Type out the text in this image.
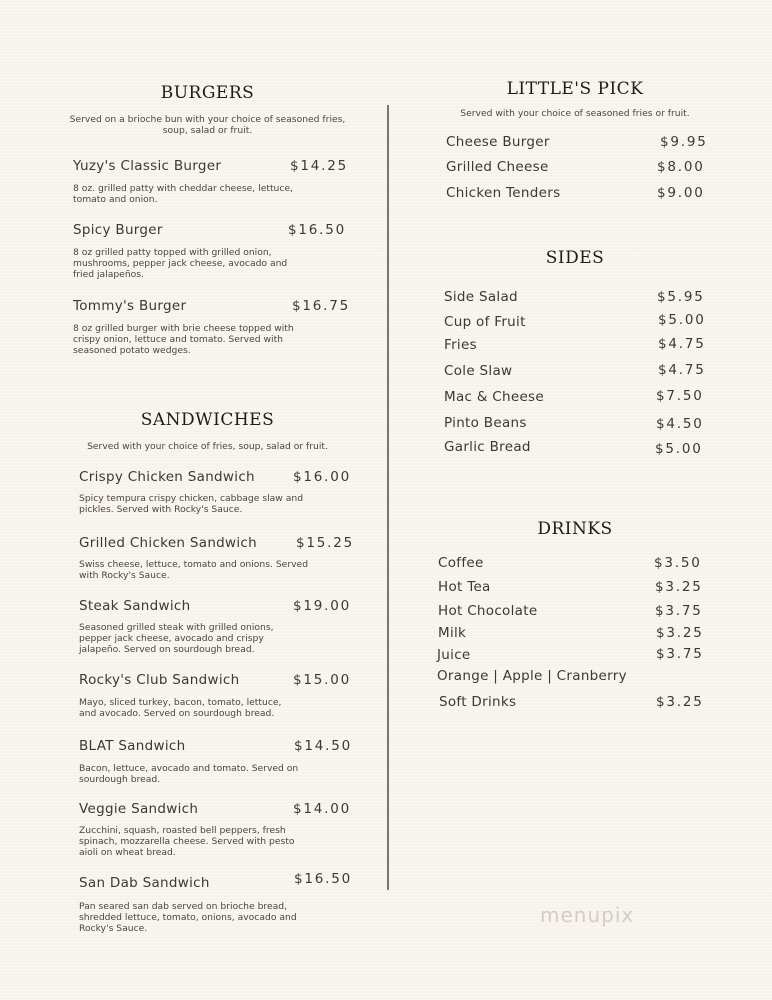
BURGERS
Served on a brioche bun with your choice of seasoned fries, soup, salad or fruit.
Yuzy's Classic Burger	$14.25
8 oz. grilled patty with cheddar cheese, lettuce, tomato and onion.
Spicy Burger	$16.50
8 oz grilled patty topped with grilled onion, mushrooms, pepper jack cheese, avocado and fried jalapeños.
Tommy's Burger	$16.75
8 oz grilled burger with brie cheese topped with crispy onion, lettuce and tomato. Served with seasoned potato wedges.
SANDWICHES
Served with your choice of fries, soup, salad or fruit.
Crispy Chicken Sandwich	$16.00
Spicy tempura crispy chicken, cabbage slaw and pickles. Served with Rocky's Sauce.
Grilled Chicken Sandwich	$15.25
Swiss cheese, lettuce, tomato and onions. Served with Rocky's Sauce.
Steak Sandwich	$19.00
Seasoned grilled steak with grilled onions, pepper jack cheese, avocado and crispy jalapeño. Served on sourdough bread.
Rocky's Club Sandwich	$15.00
Mayo, sliced turkey, bacon, tomato, lettuce, and avocado. Served on sourdough bread.
BLAT Sandwich	$14.50
Bacon, lettuce, avocado and tomato. Served on sourdough bread.
Veggie Sandwich	$14.00
Zucchini, squash, roasted bell peppers, fresh spinach, mozzarella cheese. Served with pesto aioli on wheat bread.
San Dab Sandwich	$16.50
Pan seared san dab served on brioche bread, shredded lettuce, tomato, onions, avocado and Rocky's Sauce.
LITTLE'S PICK
Served with your choice of seasoned fries or fruit.
Cheese Burger	$9.95
Grilled Cheese	$8.00
Chicken Tenders	$9.00
SIDES
Side Salad	$5.95
Cup of Fruit	$5.00
Fries	$4.75
Cole Slaw	$4.75
Mac & Cheese	$7.50
Pinto Beans	$4.50
Garlic Bread	$5.00
DRINKS
Coffee	$3.50
Hot Tea	$3.25
Hot Chocolate	$3.75
Milk	$3.25
Juice	$3.75
Orange | Apple | Cranberry
Soft Drinks	$3.25
menupix
